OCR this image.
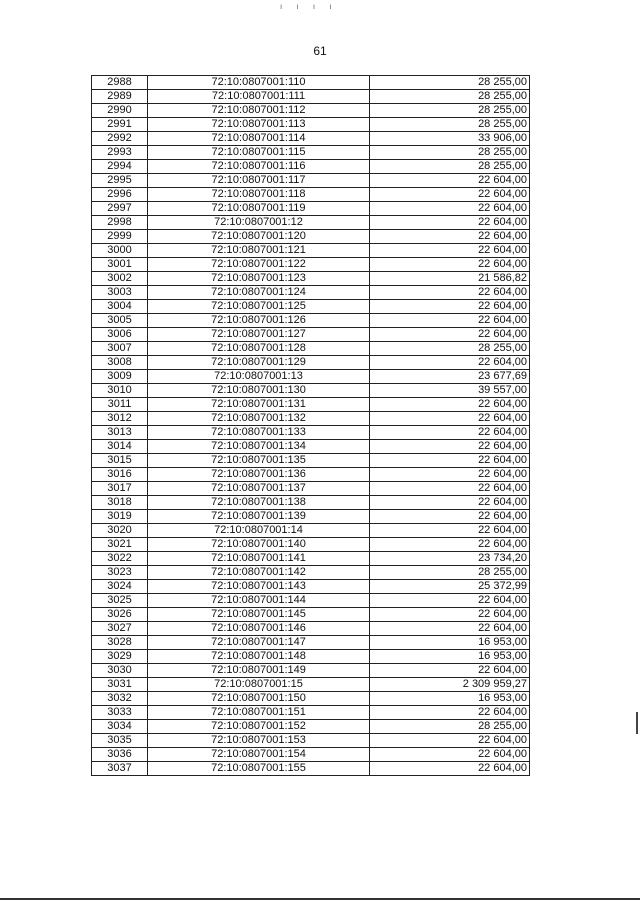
ı ı ı ı
61
2988	72:10:0807001:110	28 255,00
2989	72:10:0807001:111	28 255,00
2990	72:10:0807001:112	28 255,00
2991	72:10:0807001:113	28 255,00
2992	72:10:0807001:114	33 906,00
2993	72:10:0807001:115	28 255,00
2994	72:10:0807001:116	28 255,00
2995	72:10:0807001:117	22 604,00
2996	72:10:0807001:118	22 604,00
2997	72:10:0807001:119	22 604,00
2998	72:10:0807001:12	22 604,00
2999	72:10:0807001:120	22 604,00
3000	72:10:0807001:121	22 604,00
3001	72:10:0807001:122	22 604,00
3002	72:10:0807001:123	21 586,82
3003	72:10:0807001:124	22 604,00
3004	72:10:0807001:125	22 604,00
3005	72:10:0807001:126	22 604,00
3006	72:10:0807001:127	22 604,00
3007	72:10:0807001:128	28 255,00
3008	72:10:0807001:129	22 604,00
3009	72:10:0807001:13	23 677,69
3010	72:10:0807001:130	39 557,00
3011	72:10:0807001:131	22 604,00
3012	72:10:0807001:132	22 604,00
3013	72:10:0807001:133	22 604,00
3014	72:10:0807001:134	22 604,00
3015	72:10:0807001:135	22 604,00
3016	72:10:0807001:136	22 604,00
3017	72:10:0807001:137	22 604,00
3018	72:10:0807001:138	22 604,00
3019	72:10:0807001:139	22 604,00
3020	72:10:0807001:14	22 604,00
3021	72:10:0807001:140	22 604,00
3022	72:10:0807001:141	23 734,20
3023	72:10:0807001:142	28 255,00
3024	72:10:0807001:143	25 372,99
3025	72:10:0807001:144	22 604,00
3026	72:10:0807001:145	22 604,00
3027	72:10:0807001:146	22 604,00
3028	72:10:0807001:147	16 953,00
3029	72:10:0807001:148	16 953,00
3030	72:10:0807001:149	22 604,00
3031	72:10:0807001:15	2 309 959,27
3032	72:10:0807001:150	16 953,00
3033	72:10:0807001:151	22 604,00
3034	72:10:0807001:152	28 255,00
3035	72:10:0807001:153	22 604,00
3036	72:10:0807001:154	22 604,00
3037	72:10:0807001:155	22 604,00
